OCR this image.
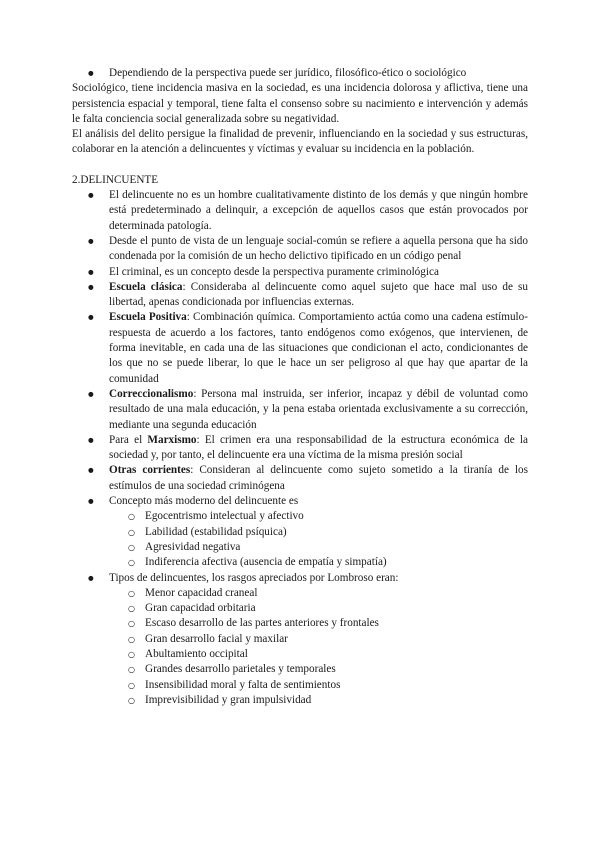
● Dependiendo de la perspectiva puede ser jurídico, filosófico-ético o sociológico

Sociológico, tiene incidencia masiva en la sociedad, es una incidencia dolorosa y aflictiva, tiene una persistencia espacial y temporal, tiene falta el consenso sobre su nacimiento e intervención y además le falta conciencia social generalizada sobre su negatividad.

El análisis del delito persigue la finalidad de prevenir, influenciando en la sociedad y sus estructuras, colaborar en la atención a delincuentes y víctimas y evaluar su incidencia en la población.

2.DELINCUENTE

● El delincuente no es un hombre cualitativamente distinto de los demás y que ningún hombre está predeterminado a delinquir, a excepción de aquellos casos que están provocados por determinada patología.
● Desde el punto de vista de un lenguaje social-común se refiere a aquella persona que ha sido condenada por la comisión de un hecho delictivo tipificado en un código penal
● El criminal, es un concepto desde la perspectiva puramente criminológica
● Escuela clásica: Consideraba al delincuente como aquel sujeto que hace mal uso de su libertad, apenas condicionada por influencias externas.
● Escuela Positiva: Combinación química. Comportamiento actúa como una cadena estímulo-respuesta de acuerdo a los factores, tanto endógenos como exógenos, que intervienen, de forma inevitable, en cada una de las situaciones que condicionan el acto, condicionantes de los que no se puede liberar, lo que le hace un ser peligroso al que hay que apartar de la comunidad
● Correccionalismo: Persona mal instruida, ser inferior, incapaz y débil de voluntad como resultado de una mala educación, y la pena estaba orientada exclusivamente a su corrección, mediante una segunda educación
● Para el Marxismo: El crimen era una responsabilidad de la estructura económica de la sociedad y, por tanto, el delincuente era una víctima de la misma presión social
● Otras corrientes: Consideran al delincuente como sujeto sometido a la tiranía de los estímulos de una sociedad criminógena
● Concepto más moderno del delincuente es
○ Egocentrismo intelectual y afectivo
○ Labilidad (estabilidad psíquica)
○ Agresividad negativa
○ Indiferencia afectiva (ausencia de empatía y simpatía)
● Tipos de delincuentes, los rasgos apreciados por Lombroso eran:
○ Menor capacidad craneal
○ Gran capacidad orbitaria
○ Escaso desarrollo de las partes anteriores y frontales
○ Gran desarrollo facial y maxilar
○ Abultamiento occipital
○ Grandes desarrollo parietales y temporales
○ Insensibilidad moral y falta de sentimientos
○ Imprevisibilidad y gran impulsividad
